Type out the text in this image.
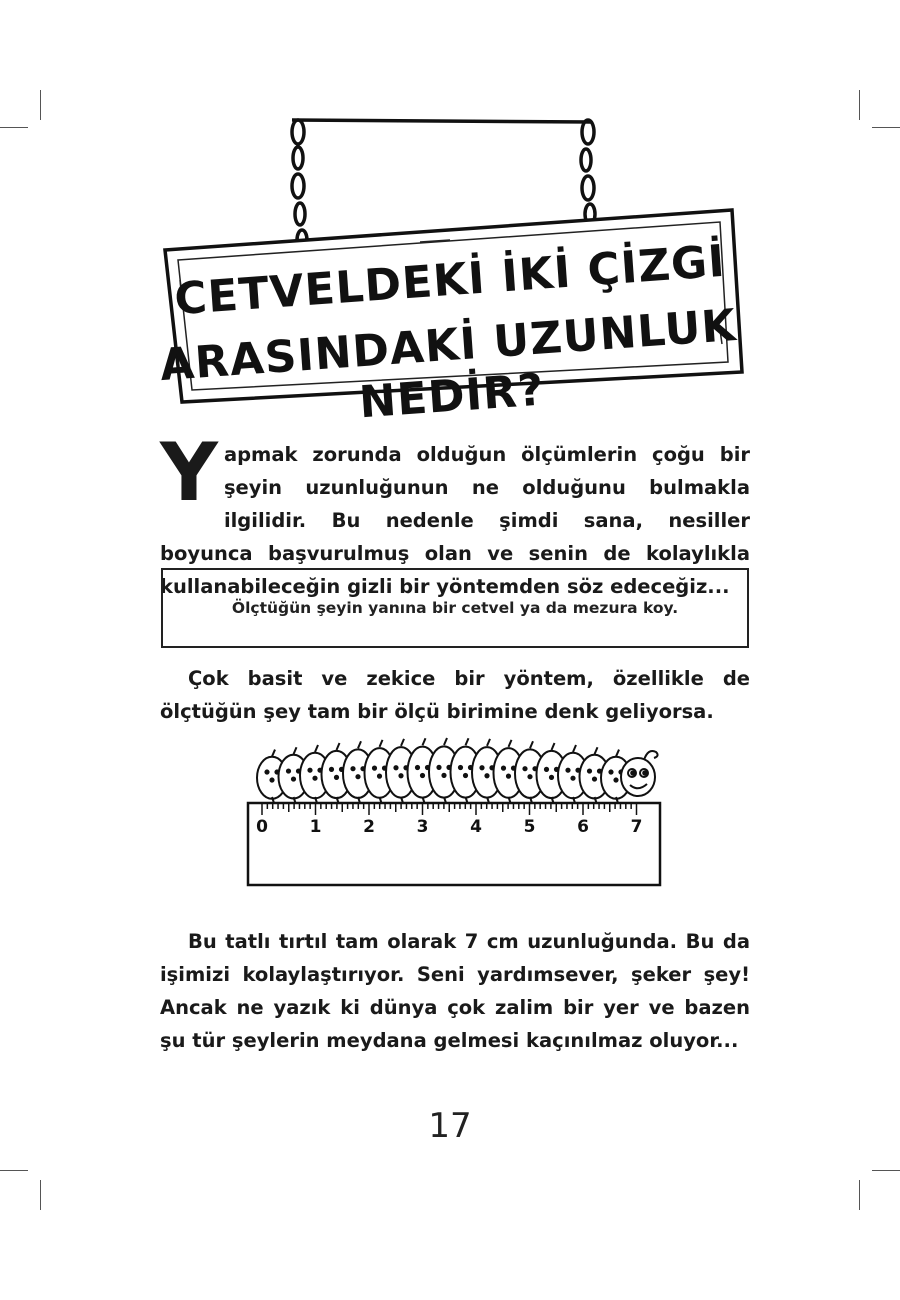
CETVELDEKİ İKİ ÇİZGİ
ARASINDAKİ UZUNLUK NEDİR?
Y apmak zorunda olduğun ölçümlerin çoğu bir şeyin uzunluğunun ne olduğunu bulmakla ilgilidir. Bu nedenle şimdi sana, nesiller boyunca başvurulmuş olan ve senin de kolaylıkla kullanabileceğin gizli bir yöntemden söz edeceğiz...
Ölçtüğün şeyin yanına bir cetvel ya da mezura koy.
Çok basit ve zekice bir yöntem, özellikle de ölçtüğün şey tam bir ölçü birimine denk geliyorsa.
0 1 2 3 4 5 6 7
Bu tatlı tırtıl tam olarak 7 cm uzunluğunda. Bu da işimizi kolaylaştırıyor. Seni yardımsever, şeker şey! Ancak ne yazık ki dünya çok zalim bir yer ve bazen şu tür şeylerin meydana gelmesi kaçınılmaz oluyor...
17
